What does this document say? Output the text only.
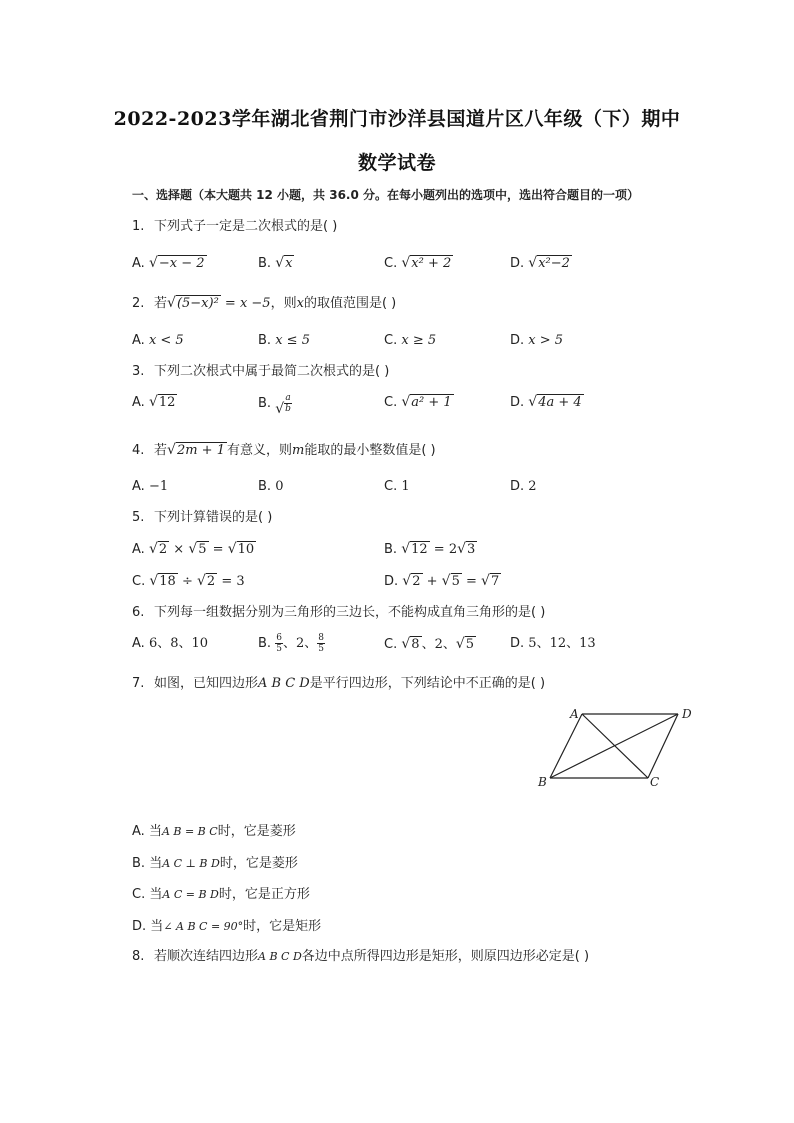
2022-2023学年湖北省荆门市沙洋县国道片区八年级（下）期中
数学试卷
一、选择题（本大题共 12 小题，共 36.0 分。在每小题列出的选项中，选出符合题目的一项）
1. 下列式子一定是二次根式的是( )
A. √−x − 2	B. √x	C. √x² + 2	D. √x²−2
2. 若√(5−x)² = x −5，则x的取值范围是( )
A. x < 5	B. x ≤ 5	C. x ≥ 5	D. x > 5
3. 下列二次根式中属于最简二次根式的是( )
A. √12	B. √ $\frac{a}{b}$	C. √a² + 1	D. √4a + 4
4. 若√2m + 1 有意义，则m能取的最小整数值是( )
A. −1	B. 0	C. 1	D. 2
5. 下列计算错误的是( )
A. √2 × √5 = √10	B. √12 = 2√3
C. √18 ÷ √2 = 3	D. √2 + √5 = √7
6. 下列每一组数据分别为三角形的三边长，不能构成直角三角形的是( )
A. 6、8、10	B. $\frac{6}{5}$ 、2、 $\frac{8}{5}$	C. √8 、2、√5	D. 5、12、13
7. 如图，已知四边形A B C D是平行四边形，下列结论中不正确的是( )
A	D
B	C
A. 当A B = B C时，它是菱形
B. 当A C ⊥ B D时，它是菱形
C. 当A C = B D时，它是正方形
D. 当∠ A B C = 90°时，它是矩形
8. 若顺次连结四边形A B C D各边中点所得四边形是矩形，则原四边形必定是( )
